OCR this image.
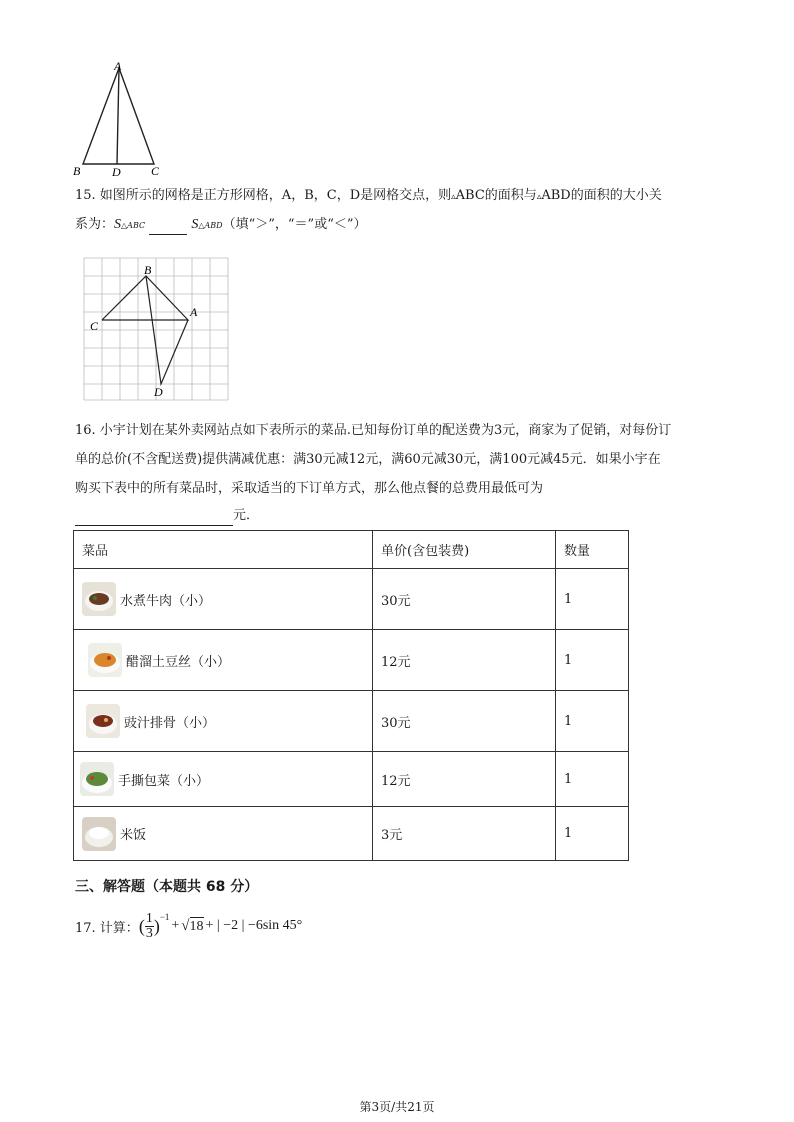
A
B	D	C
15. 如图所示的网格是正方形网格，A，B，C，D是网格交点，则▵ABC的面积与▵ABD的面积的大小关
系为：S△ABC	S△ABD（填“＞”，“＝”或“＜”）
B
C
A
D
16. 小宇计划在某外卖网站点如下表所示的菜品.已知每份订单的配送费为3元，商家为了促销，对每份订
单的总价(不含配送费)提供满减优惠：满30元减12元，满60元减30元，满100元减45元．如果小宇在
购买下表中的所有菜品时，采取适当的下订单方式，那么他点餐的总费用最低可为
元．
菜品	单价(含包装费)	数量

水煮牛肉（小）	30元	1

醋溜土豆丝（小）	12元	1

豉汁排骨（小）	30元	1

手撕包菜（小）	12元	1

米饭	3元	1
三、解答题（本题共 68 分）
17. 计算： ( 1
3 )$^{-1}$
+ √ 18 + | −2 | −6sin 45°
第3页/共21页
